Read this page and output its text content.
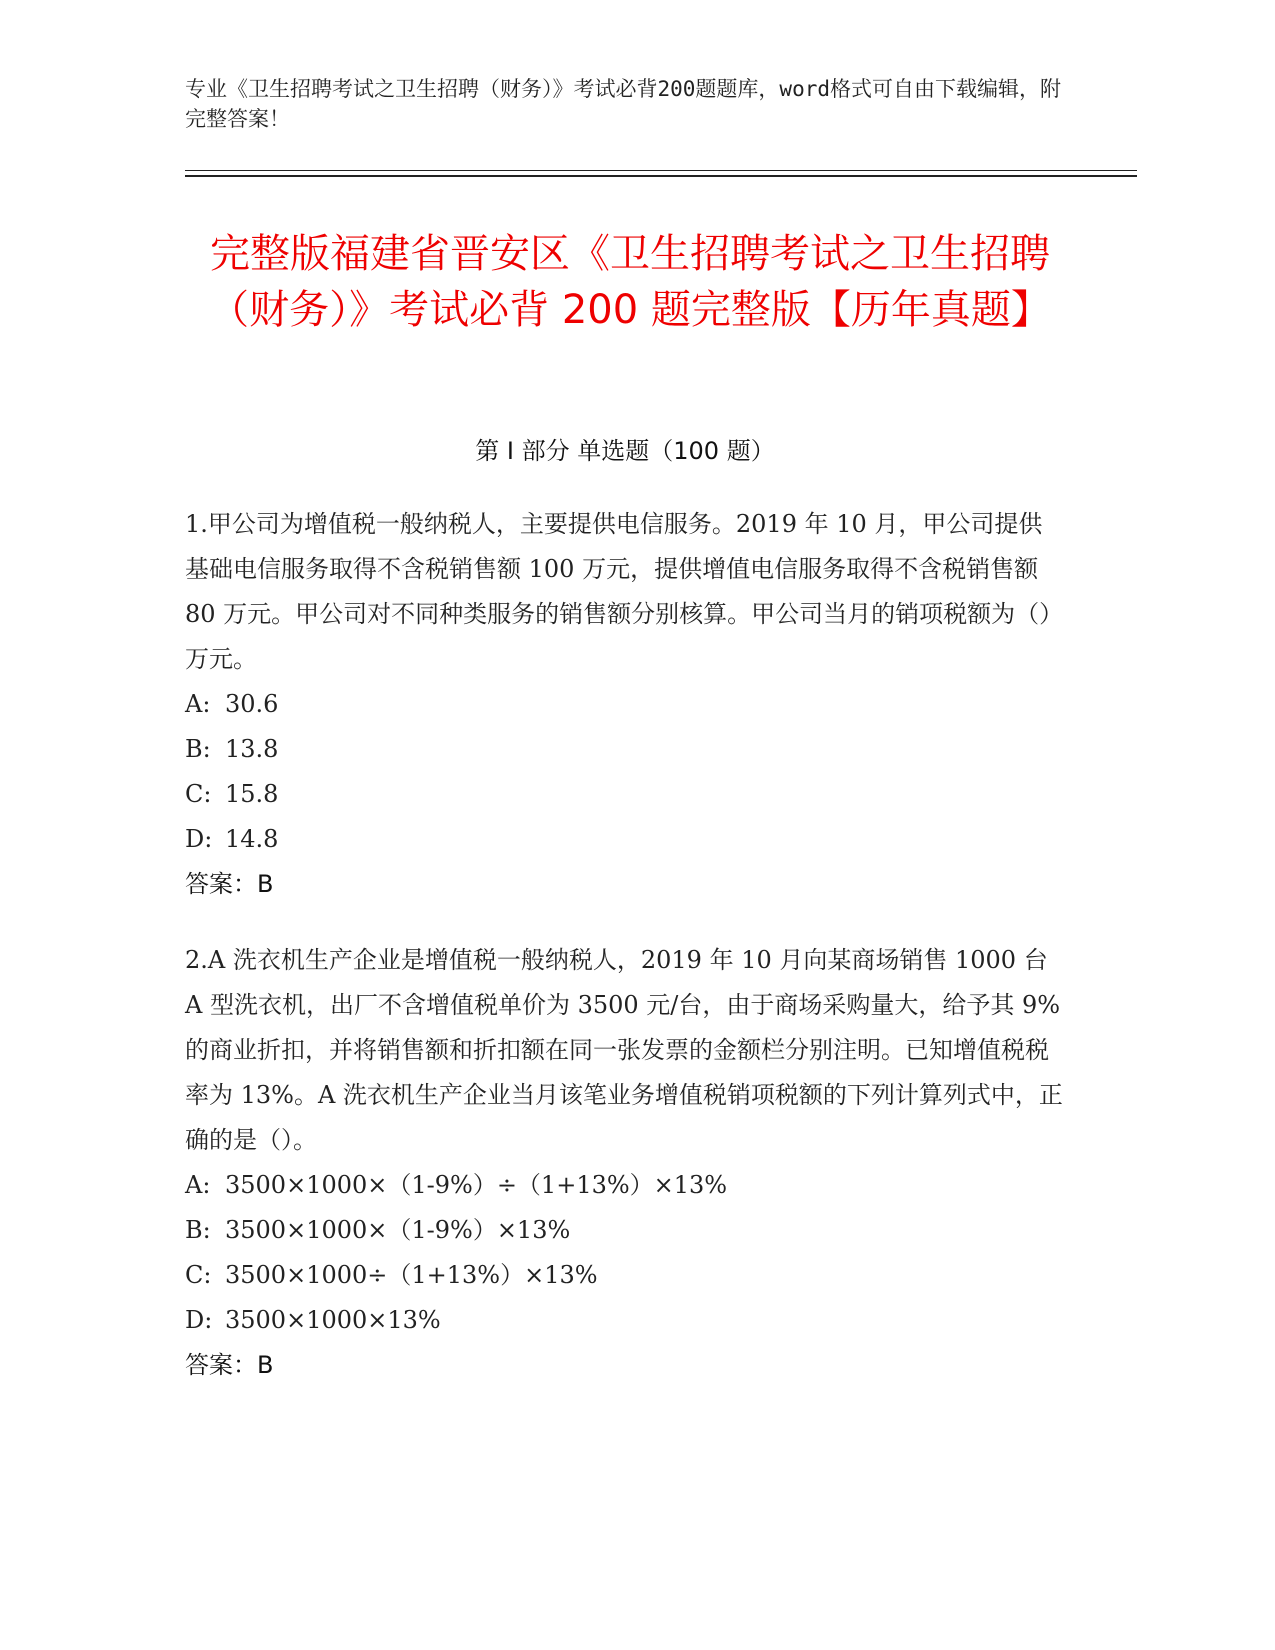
专业《卫生招聘考试之卫生招聘（财务）》考试必背200题题库，word格式可自由下载编辑，附完整答案！
完整版福建省晋安区《卫生招聘考试之卫生招聘（财务）》考试必背 200 题完整版【历年真题】
第 I 部分 单选题（100 题）

1.甲公司为增值税一般纳税人，主要提供电信服务。2019 年 10 月，甲公司提供基础电信服务取得不含税销售额 100 万元，提供增值电信服务取得不含税销售额 80 万元。甲公司对不同种类服务的销售额分别核算。甲公司当月的销项税额为（）万元。

A: 30.6

B: 13.8

C: 15.8

D: 14.8

答案：B

2.A 洗衣机生产企业是增值税一般纳税人，2019 年 10 月向某商场销售 1000 台 A 型洗衣机，出厂不含增值税单价为 3500 元/台，由于商场采购量大，给予其 9%的商业折扣，并将销售额和折扣额在同一张发票的金额栏分别注明。已知增值税税率为 13%。A 洗衣机生产企业当月该笔业务增值税销项税额的下列计算列式中，正确的是（）。

A: 3500×1000×（1-9%）÷（1+13%）×13%

B: 3500×1000×（1-9%）×13%

C: 3500×1000÷（1+13%）×13%

D: 3500×1000×13%

答案：B
